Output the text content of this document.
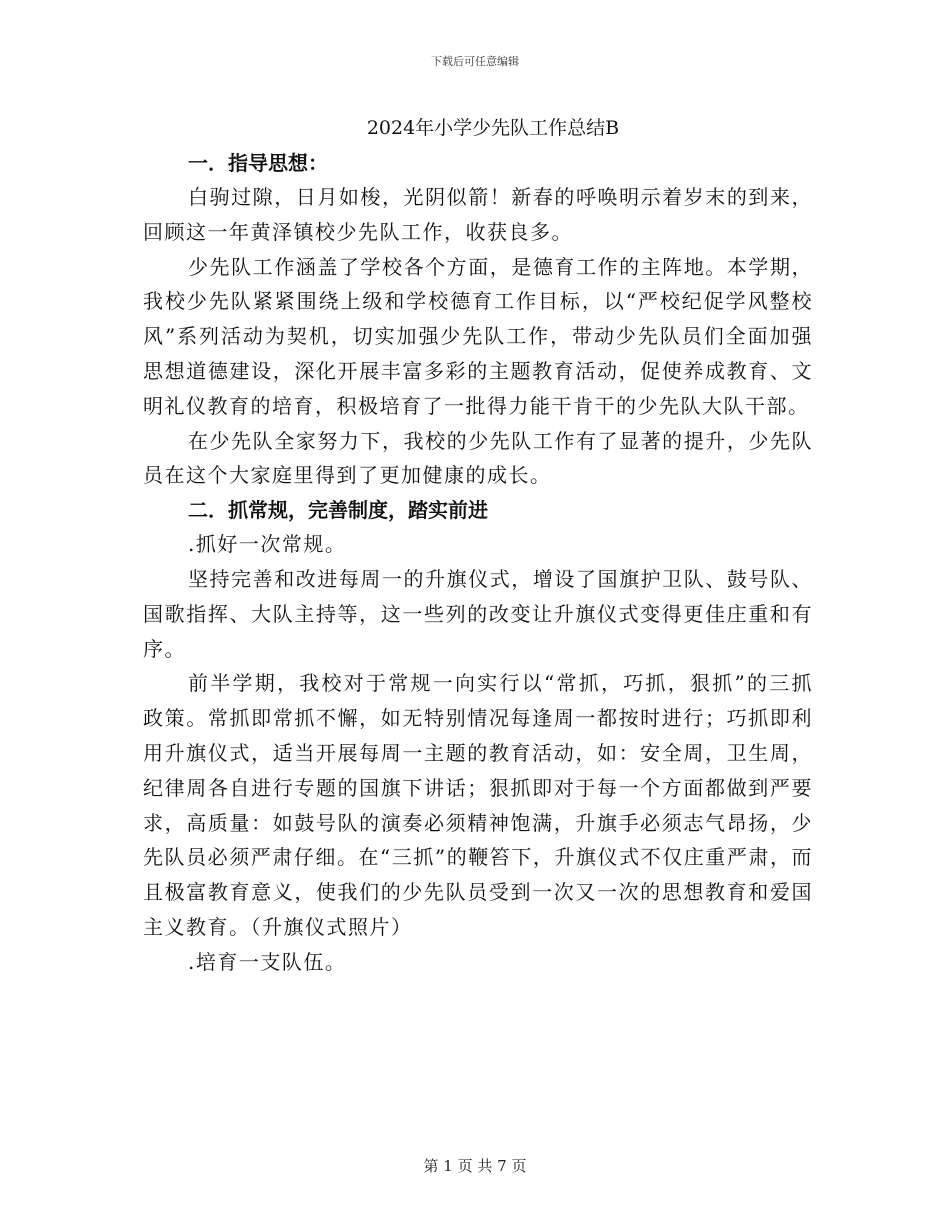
下载后可任意编辑
2024年小学少先队工作总结B

一．指导思想：

白驹过隙，日月如梭，光阴似箭！新春的呼唤明示着岁末的到来，回顾这一年黄泽镇校少先队工作，收获良多。

少先队工作涵盖了学校各个方面，是德育工作的主阵地。本学期，我校少先队紧紧围绕上级和学校德育工作目标，以“严校纪促学风整校风”系列活动为契机，切实加强少先队工作，带动少先队员们全面加强思想道德建设，深化开展丰富多彩的主题教育活动，促使养成教育、文明礼仪教育的培育，积极培育了一批得力能干肯干的少先队大队干部。

在少先队全家努力下，我校的少先队工作有了显著的提升，少先队员在这个大家庭里得到了更加健康的成长。

二．抓常规，完善制度，踏实前进

.抓好一次常规。

坚持完善和改进每周一的升旗仪式，增设了国旗护卫队、鼓号队、国歌指挥、大队主持等，这一些列的改变让升旗仪式变得更佳庄重和有序。

前半学期，我校对于常规一向实行以“常抓，巧抓，狠抓”的三抓政策。常抓即常抓不懈，如无特别情况每逢周一都按时进行；巧抓即利用升旗仪式，适当开展每周一主题的教育活动，如：安全周，卫生周，纪律周各自进行专题的国旗下讲话；狠抓即对于每一个方面都做到严要求，高质量：如鼓号队的演奏必须精神饱满，升旗手必须志气昂扬，少先队员必须严肃仔细。在“三抓”的鞭笞下，升旗仪式不仅庄重严肃，而且极富教育意义，使我们的少先队员受到一次又一次的思想教育和爱国主义教育。（升旗仪式照片）

.培育一支队伍。

第 1 页 共 7 页
